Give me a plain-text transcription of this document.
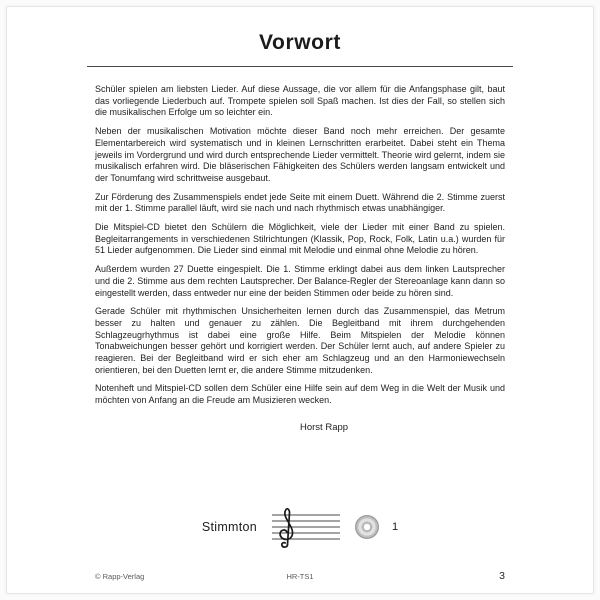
Vorwort

Schüler spielen am liebsten Lieder. Auf diese Aussage, die vor allem für die Anfangsphase gilt, baut das vorliegende Liederbuch auf. Trompete spielen soll Spaß machen. Ist dies der Fall, so stellen sich die musikalischen Erfolge um so leichter ein.

Neben der musikalischen Motivation möchte dieser Band noch mehr erreichen. Der gesamte Elementarbereich wird systematisch und in kleinen Lernschritten erarbeitet. Dabei steht ein Thema jeweils im Vordergrund und wird durch entsprechende Lieder vermittelt. Theorie wird gelernt, indem sie musikalisch erfahren wird. Die bläserischen Fähigkeiten des Schülers werden langsam entwickelt und der Tonumfang wird schrittweise ausgebaut.

Zur Förderung des Zusammenspiels endet jede Seite mit einem Duett. Während die 2. Stimme zuerst mit der 1. Stimme parallel läuft, wird sie nach und nach rhythmisch etwas unabhängiger.

Die Mitspiel-CD bietet den Schülern die Möglichkeit, viele der Lieder mit einer Band zu spielen. Begleitarrangements in verschiedenen Stilrichtungen (Klassik, Pop, Rock, Folk, Latin u.a.) wurden für 51 Lieder aufgenommen. Die Lieder sind einmal mit Melodie und einmal ohne Melodie zu hören.

Außerdem wurden 27 Duette eingespielt. Die 1. Stimme erklingt dabei aus dem linken Lautsprecher und die 2. Stimme aus dem rechten Lautsprecher. Der Balance-Regler der Stereoanlage kann dann so eingestellt werden, dass entweder nur eine der beiden Stimmen oder beide zu hören sind.

Gerade Schüler mit rhythmischen Unsicherheiten lernen durch das Zusammenspiel, das Metrum besser zu halten und genauer zu zählen. Die Begleitband mit ihrem durchgehenden Schlagzeugrhythmus ist dabei eine große Hilfe. Beim Mitspielen der Melodie können Tonabweichungen besser gehört und korrigiert werden. Der Schüler lernt auch, auf andere Spieler zu reagieren. Bei der Begleitband wird er sich eher am Schlagzeug und an den Harmoniewechseln orientieren, bei den Duetten lernt er, die andere Stimme mitzudenken.

Notenheft und Mitspiel-CD sollen dem Schüler eine Hilfe sein auf dem Weg in die Welt der Musik und möchten von Anfang an die Freude am Musizieren wecken.

Horst Rapp
Stimmton	1
© Rapp-Verlag	HR-TS1	3
